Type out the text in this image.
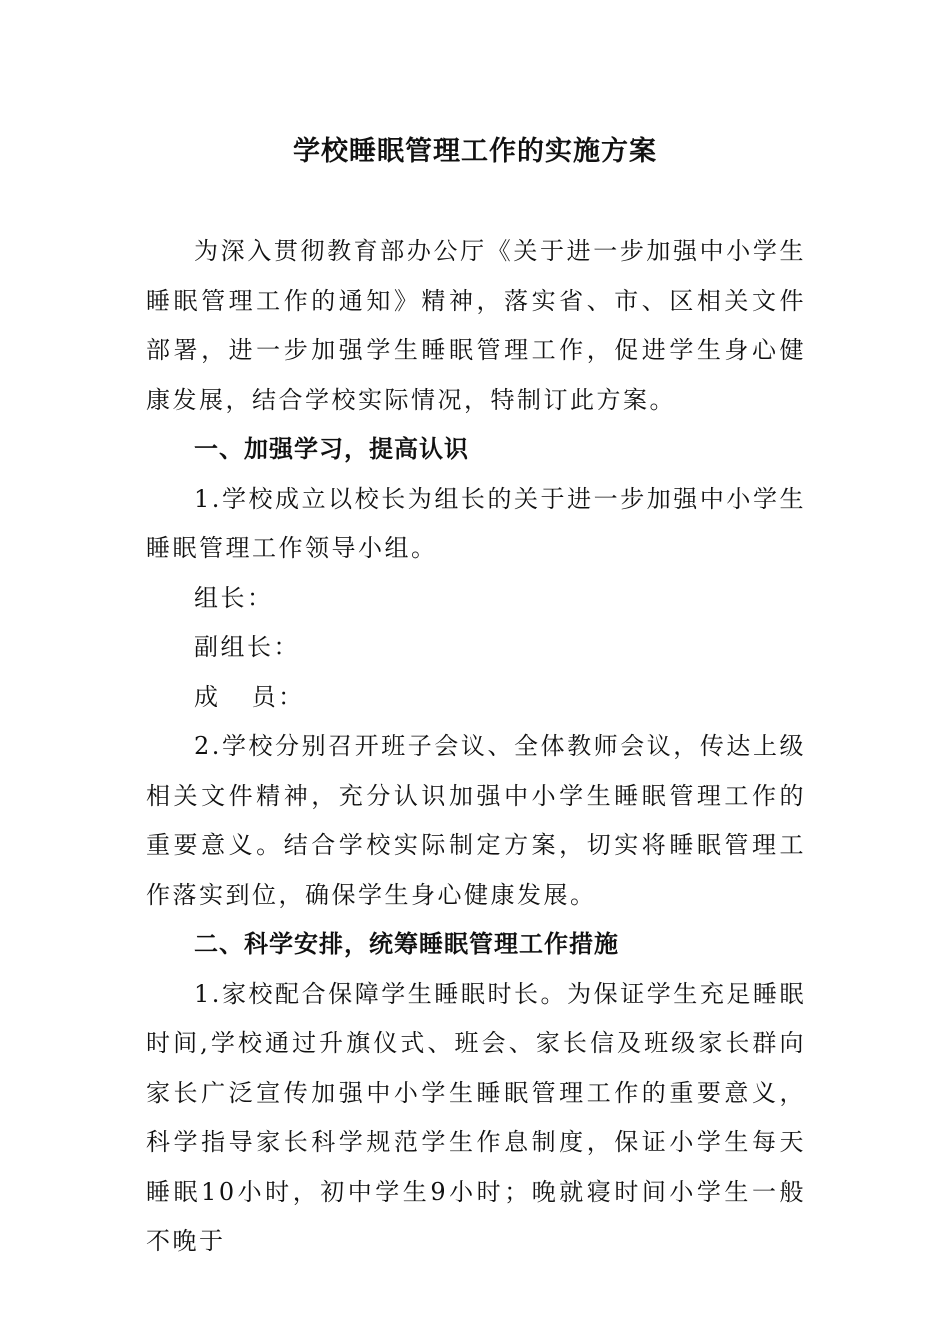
学校睡眠管理工作的实施方案

为深入贯彻教育部办公厅《关于进一步加强中小学生睡眠管理工作的通知》精神，落实省、市、区相关文件部署，进一步加强学生睡眠管理工作，促进学生身心健康发展，结合学校实际情况，特制订此方案。

一、加强学习，提高认识

1.学校成立以校长为组长的关于进一步加强中小学生睡眠管理工作领导小组。

组长：

副组长：

成 员：

2.学校分别召开班子会议、全体教师会议，传达上级相关文件精神，充分认识加强中小学生睡眠管理工作的重要意义。结合学校实际制定方案，切实将睡眠管理工作落实到位，确保学生身心健康发展。

二、科学安排，统筹睡眠管理工作措施

1.家校配合保障学生睡眠时长。为保证学生充足睡眠时间,学校通过升旗仪式、班会、家长信及班级家长群向家长广泛宣传加强中小学生睡眠管理工作的重要意义，科学指导家长科学规范学生作息制度，保证小学生每天睡眠10小时，初中学生9小时；晚就寝时间小学生一般不晚于
